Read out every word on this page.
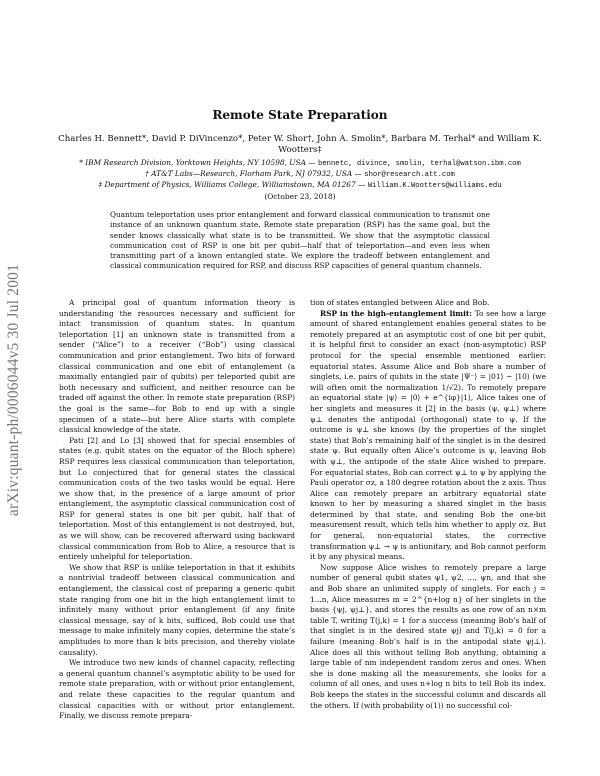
arXiv:quant-ph/0006044v5 30 Jul 2001
Remote State Preparation
Charles H. Bennett*, David P. DiVincenzo*, Peter W. Shor†, John A. Smolin*, Barbara M. Terhal* and William K. Wootters‡
* IBM Research Division, Yorktown Heights, NY 10598, USA — bennetc, divince, smolin, terhal@watson.ibm.com
† AT&T Labs—Research, Florham Park, NJ 07932, USA — shor@research.att.com
‡ Department of Physics, Williams College, Williamstown, MA 01267 — William.K.Wootters@williams.edu
(October 23, 2018)
Quantum teleportation uses prior entanglement and forward classical communication to transmit one instance of an unknown quantum state. Remote state preparation (RSP) has the same goal, but the sender knows classically what state is to be transmitted. We show that the asymptotic classical communication cost of RSP is one bit per qubit—half that of teleportation—and even less when transmitting part of a known entangled state. We explore the tradeoff between entanglement and classical communication required for RSP, and discuss RSP capacities of general quantum channels.

A principal goal of quantum information theory is understanding the resources necessary and sufficient for intact transmission of quantum states. In quantum teleportation [1] an unknown state is transmitted from a sender (“Alice”) to a receiver (“Bob”) using classical communication and prior entanglement. Two bits of forward classical communication and one ebit of entanglement (a maximally entangled pair of qubits) per teleported qubit are both necessary and sufficient, and neither resource can be traded off against the other. In remote state preparation (RSP) the goal is the same—for Bob to end up with a single specimen of a state—but here Alice starts with complete classical knowledge of the state.

Pati [2] and Lo [3] showed that for special ensembles of states (e.g. qubit states on the equator of the Bloch sphere) RSP requires less classical communication than teleportation, but Lo conjectured that for general states the classical communication costs of the two tasks would be equal. Here we show that, in the presence of a large amount of prior entanglement, the asymptotic classical communication cost of RSP for general states is one bit per qubit, half that of teleportation. Most of this entanglement is not destroyed, but, as we will show, can be recovered afterward using backward classical communication from Bob to Alice, a resource that is entirely unhelpful for teleportation.

We show that RSP is unlike teleportation in that it exhibits a nontrivial tradeoff between classical communication and entanglement, the classical cost of preparing a generic qubit state ranging from one bit in the high entanglement limit to infinitely many without prior entanglement (if any finite classical message, say of k bits, sufficed, Bob could use that message to make infinitely many copies, determine the state’s amplitudes to more than k bits precision, and thereby violate causality).

We introduce two new kinds of channel capacity, reflecting a general quantum channel’s asymptotic ability to be used for remote state preparation, with or without prior entanglement, and relate these capacities to the regular quantum and classical capacities with or without prior entanglement. Finally, we discuss remote prepara-

tion of states entangled between Alice and Bob.

RSP in the high-entanglement limit: To see how a large amount of shared entanglement enables general states to be remotely prepared at an asymptotic cost of one bit per qubit, it is helpful first to consider an exact (non-asymptotic) RSP protocol for the special ensemble mentioned earlier: equatorial states. Assume Alice and Bob share a number of singlets, i.e. pairs of qubits in the state |Ψ⁻⟩ = |01⟩ − |10⟩ (we will often omit the normalization 1/√2). To remotely prepare an equatorial state |ψ⟩ = |0⟩ + e^{iφ}|1⟩, Alice takes one of her singlets and measures it [2] in the basis (ψ, ψ⊥) where ψ⊥ denotes the antipodal (orthogonal) state to ψ. If the outcome is ψ⊥ she knows (by the properties of the singlet state) that Bob’s remaining half of the singlet is in the desired state ψ. But equally often Alice’s outcome is ψ, leaving Bob with ψ⊥, the antipode of the state Alice wished to prepare. For equatorial states, Bob can correct ψ⊥ to ψ by applying the Pauli operator σz, a 180 degree rotation about the z axis. Thus Alice can remotely prepare an arbitrary equatorial state known to her by measuring a shared singlet in the basis determined by that state, and sending Bob the one-bit measurement result, which tells him whether to apply σz. But for general, non-equatorial states, the corrective transformation ψ⊥ → ψ is antiunitary, and Bob cannot perform it by any physical means.

Now suppose Alice wishes to remotely prepare a large number of general qubit states ψ1, ψ2, ..., ψn, and that she and Bob share an unlimited supply of singlets. For each j = 1...n, Alice measures m = 2^{n+log n} of her singlets in the basis {ψj, ψj⊥}, and stores the results as one row of an n×m table T, writing T(j,k) = 1 for a success (meaning Bob’s half of that singlet is in the desired state ψj) and T(j,k) = 0 for a failure (meaning Bob’s half is in the antipodal state ψj⊥). Alice does all this without telling Bob anything, obtaining a large table of nm independent random zeros and ones. When she is done making all the measurements, she looks for a column of all ones, and uses n+log n bits to tell Bob its index. Bob keeps the states in the successful column and discards all the others. If (with probability o(1)) no successful col-
